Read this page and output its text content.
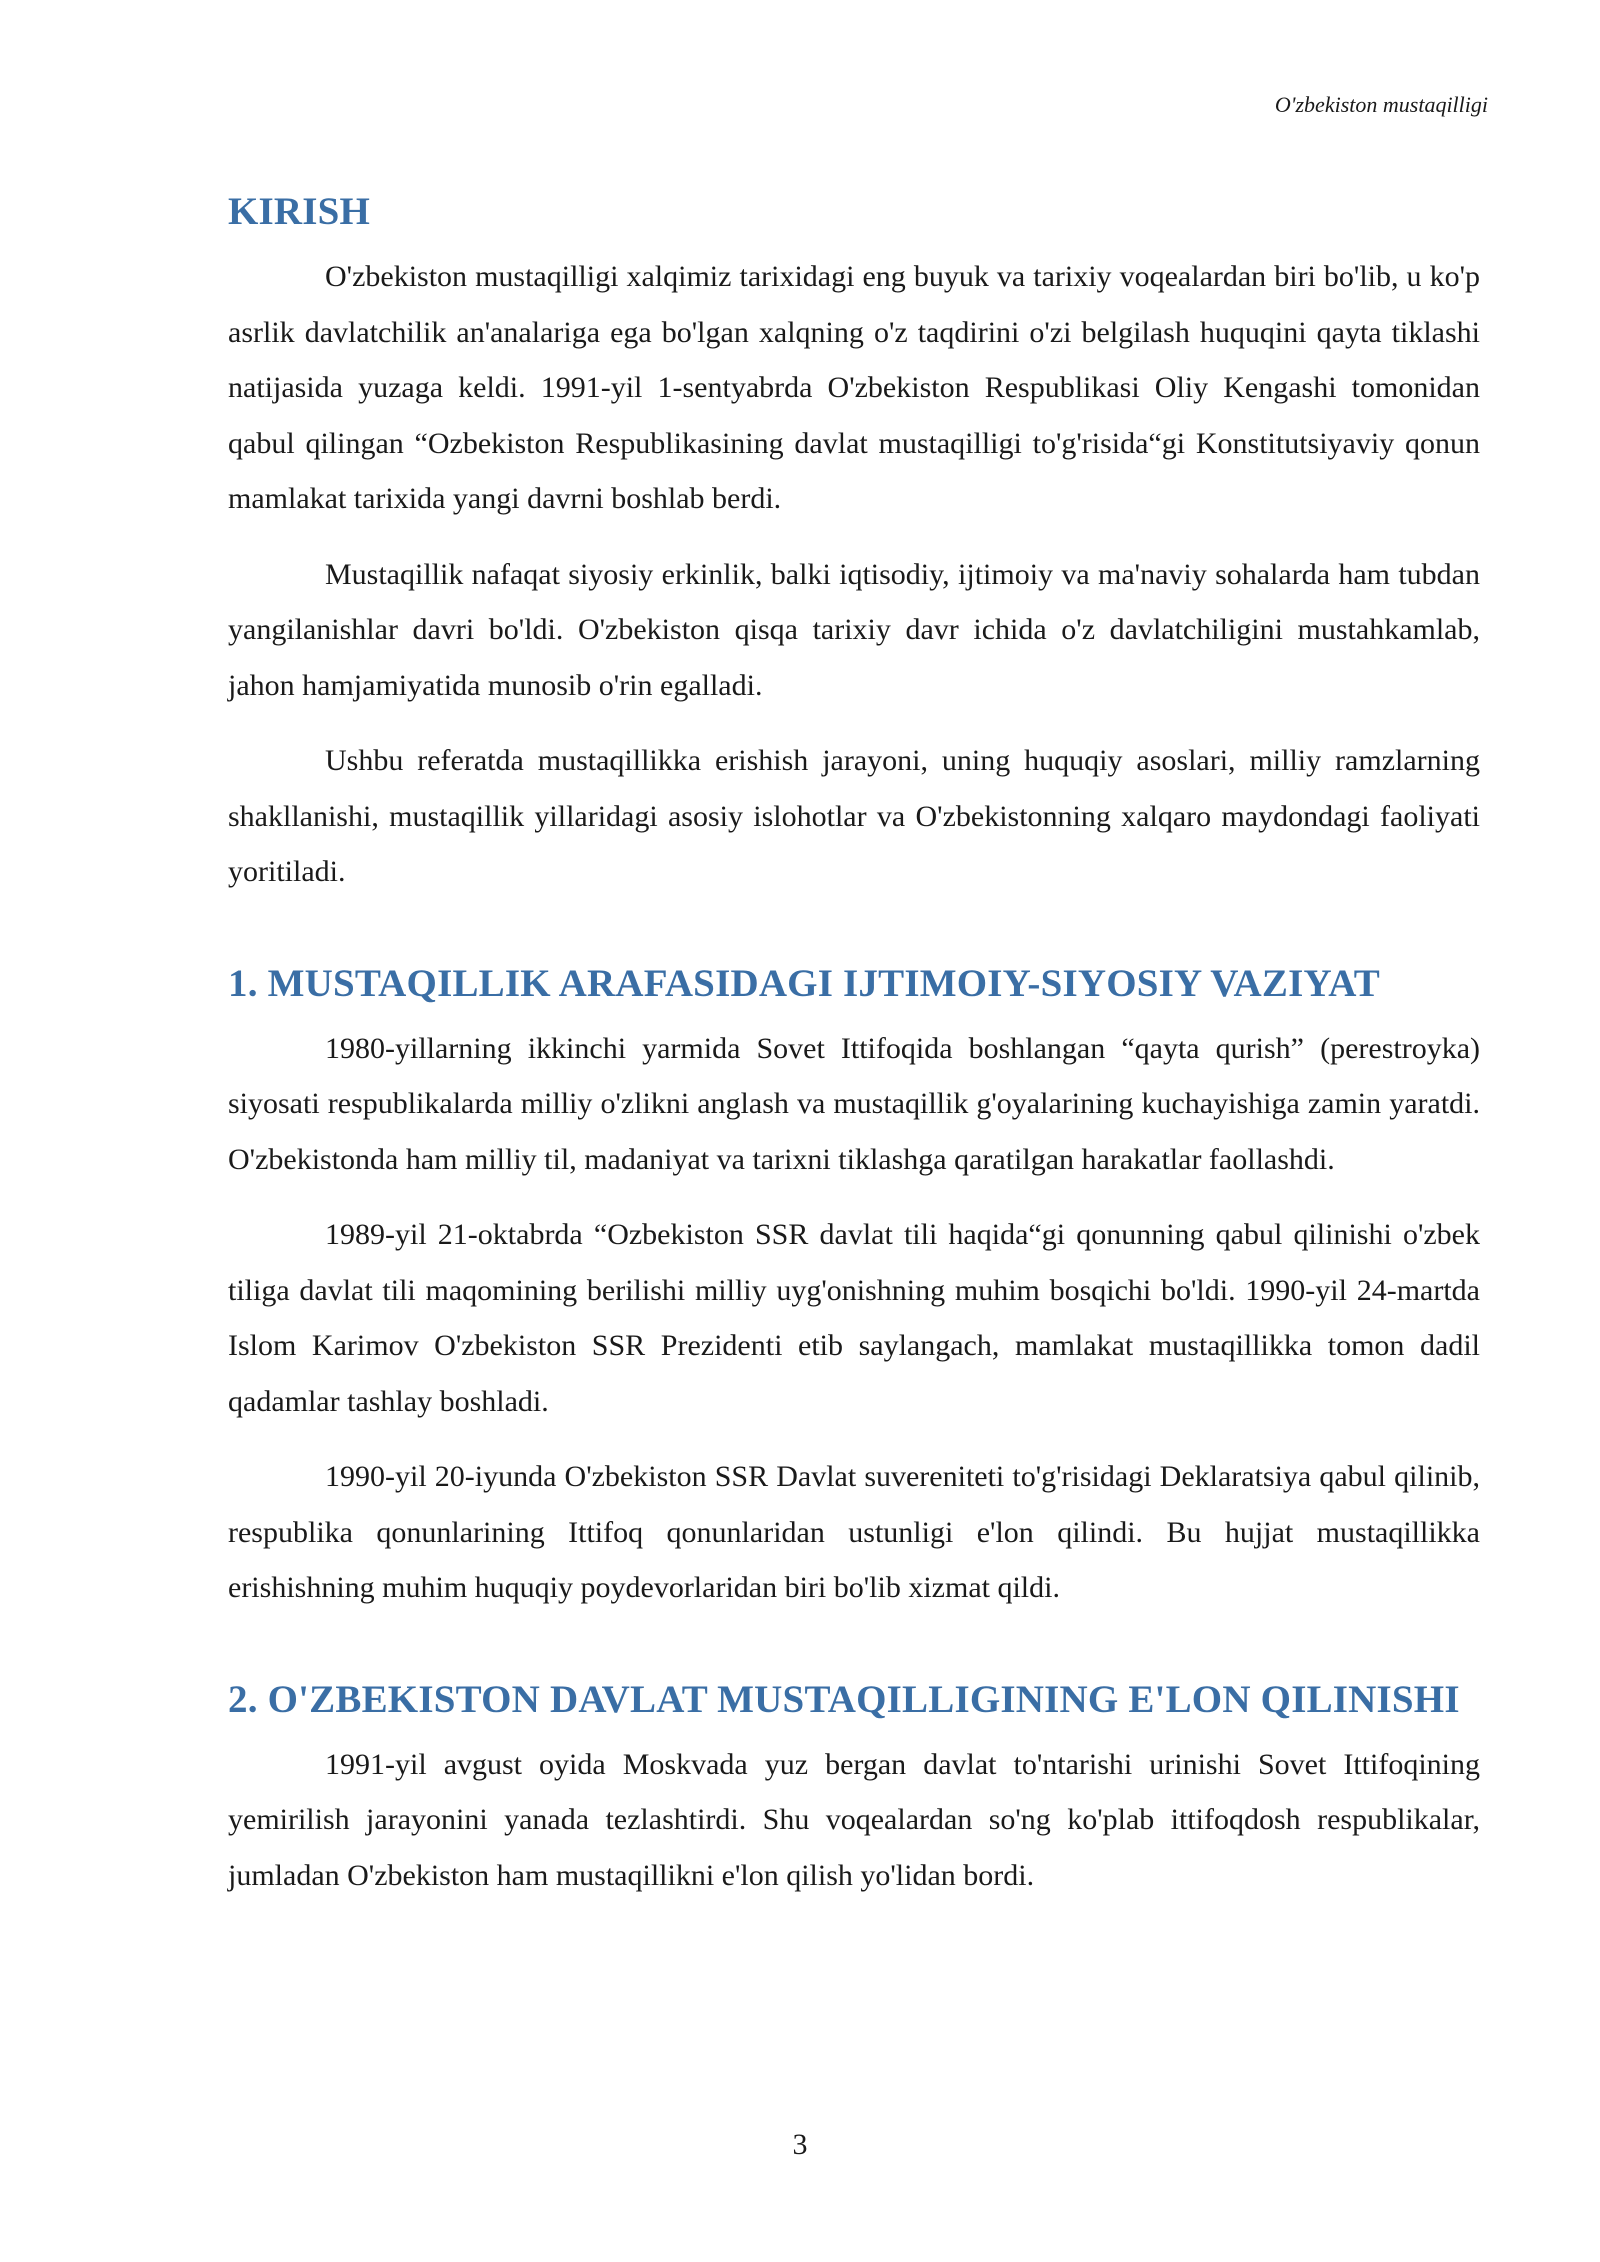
O'zbekiston mustaqilligi
KIRISH

O'zbekiston mustaqilligi xalqimiz tarixidagi eng buyuk va tarixiy voqealardan biri bo'lib, u ko'p asrlik davlatchilik an'analariga ega bo'lgan xalqning o'z taqdirini o'zi belgilash huquqini qayta tiklashi natijasida yuzaga keldi. 1991-yil 1-sentyabrda O'zbekiston Respublikasi Oliy Kengashi tomonidan qabul qilingan “Ozbekiston Respublikasining davlat mustaqilligi to'g'risida“gi Konstitutsiyaviy qonun mamlakat tarixida yangi davrni boshlab berdi.

Mustaqillik nafaqat siyosiy erkinlik, balki iqtisodiy, ijtimoiy va ma'naviy sohalarda ham tubdan yangilanishlar davri bo'ldi. O'zbekiston qisqa tarixiy davr ichida o'z davlatchiligini mustahkamlab, jahon hamjamiyatida munosib o'rin egalladi.

Ushbu referatda mustaqillikka erishish jarayoni, uning huquqiy asoslari, milliy ramzlarning shakllanishi, mustaqillik yillaridagi asosiy islohotlar va O'zbekistonning xalqaro maydondagi faoliyati yoritiladi.

1. MUSTAQILLIK ARAFASIDAGI IJTIMOIY-SIYOSIY VAZIYAT

1980-yillarning ikkinchi yarmida Sovet Ittifoqida boshlangan “qayta qurish” (perestroyka) siyosati respublikalarda milliy o'zlikni anglash va mustaqillik g'oyalarining kuchayishiga zamin yaratdi. O'zbekistonda ham milliy til, madaniyat va tarixni tiklashga qaratilgan harakatlar faollashdi.

1989-yil 21-oktabrda “Ozbekiston SSR davlat tili haqida“gi qonunning qabul qilinishi o'zbek tiliga davlat tili maqomining berilishi milliy uyg'onishning muhim bosqichi bo'ldi. 1990-yil 24-martda Islom Karimov O'zbekiston SSR Prezidenti etib saylangach, mamlakat mustaqillikka tomon dadil qadamlar tashlay boshladi.

1990-yil 20-iyunda O'zbekiston SSR Davlat suvereniteti to'g'risidagi Deklaratsiya qabul qilinib, respublika qonunlarining Ittifoq qonunlaridan ustunligi e'lon qilindi. Bu hujjat mustaqillikka erishishning muhim huquqiy poydevorlaridan biri bo'lib xizmat qildi.

2. O'ZBEKISTON DAVLAT MUSTAQILLIGINING E'LON QILINISHI

1991-yil avgust oyida Moskvada yuz bergan davlat to'ntarishi urinishi Sovet Ittifoqining yemirilish jarayonini yanada tezlashtirdi. Shu voqealardan so'ng ko'plab ittifoqdosh respublikalar, jumladan O'zbekiston ham mustaqillikni e'lon qilish yo'lidan bordi.

3
